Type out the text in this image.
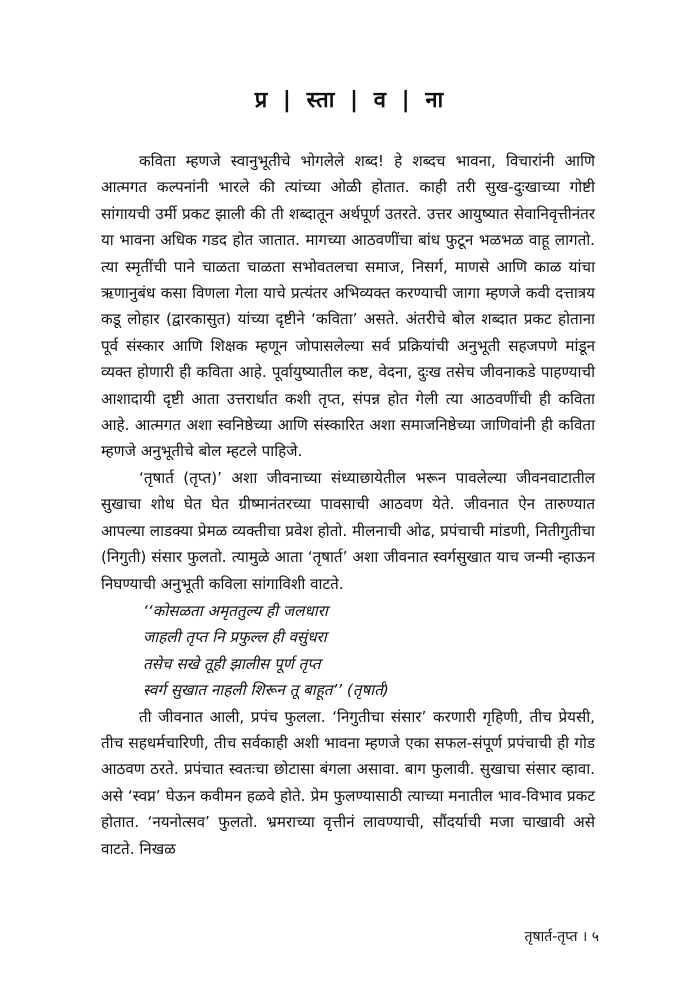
प्र | स्ता | व | ना

कविता म्हणजे स्वानुभूतीचे भोगलेले शब्द! हे शब्दच भावना, विचारांनी आणि आत्मगत कल्पनांनी भारले की त्यांच्या ओळी होतात. काही तरी सुख-दुःखाच्या गोष्टी सांगायची उर्मी प्रकट झाली की ती शब्दातून अर्थपूर्ण उतरते. उत्तर आयुष्यात सेवानिवृत्तीनंतर या भावना अधिक गडद होत जातात. मागच्या आठवणींचा बांध फुटून भळभळ वाहू लागतो. त्या स्मृतींची पाने चाळता चाळता सभोवतलचा समाज, निसर्ग, माणसे आणि काळ यांचा ऋणानुबंध कसा विणला गेला याचे प्रत्यंतर अभिव्यक्त करण्याची जागा म्हणजे कवी दत्तात्रय कडू लोहार (द्वारकासुत) यांच्या दृष्टीने ‘कविता’ असते. अंतरीचे बोल शब्दात प्रकट होताना पूर्व संस्कार आणि शिक्षक म्हणून जोपासलेल्या सर्व प्रक्रियांची अनुभूती सहजपणे मांडून व्यक्त होणारी ही कविता आहे. पूर्वायुष्यातील कष्ट, वेदना, दुःख तसेच जीवनाकडे पाहण्याची आशादायी दृष्टी आता उत्तरार्धात कशी तृप्त, संपन्न होत गेली त्या आठवणींची ही कविता आहे. आत्मगत अशा स्वनिष्ठेच्या आणि संस्कारित अशा समाजनिष्ठेच्या जाणिवांनी ही कविता म्हणजे अनुभूतीचे बोल म्हटले पाहिजे.

‘तृषार्त (तृप्त)’ अशा जीवनाच्या संध्याछायेतील भरून पावलेल्या जीवनवाटातील सुखाचा शोध घेत घेत ग्रीष्मानंतरच्या पावसाची आठवण येते. जीवनात ऐन तारुण्यात आपल्या लाडक्या प्रेमळ व्यक्तीचा प्रवेश होतो. मीलनाची ओढ, प्रपंचाची मांडणी, नितीगुतीचा (निगुती) संसार फुलतो. त्यामुळे आता ‘तृषार्त’ अशा जीवनात स्वर्गसुखात याच जन्मी न्हाऊन निघण्याची अनुभूती कविला सांगाविशी वाटते.

‘‘कोसळता अमृततुल्य ही जलधारा
जाहली तृप्त नि प्रफुल्ल ही वसुंधरा
तसेच सखे तूही झालीस पूर्ण तृप्त
स्वर्ग सुखात नाहली शिरून तू बाहूत’’ (तृषार्त)

ती जीवनात आली, प्रपंच फुलला. ‘निगुतीचा संसार’ करणारी गृहिणी, तीच प्रेयसी, तीच सहधर्मचारिणी, तीच सर्वकाही अशी भावना म्हणजे एका सफल-संपूर्ण प्रपंचाची ही गोड आठवण ठरते. प्रपंचात स्वतःचा छोटासा बंगला असावा. बाग फुलावी. सुखाचा संसार व्हावा. असे ‘स्वप्न’ घेऊन कवीमन हळवे होते. प्रेम फुलण्यासाठी त्याच्या मनातील भाव-विभाव प्रकट होतात. ‘नयनोत्सव’ फुलतो. भ्रमराच्या वृत्तीनं लावण्याची, सौंदर्याची मजा चाखावी असे वाटते. निखळ

तृषार्त-तृप्त । ५
